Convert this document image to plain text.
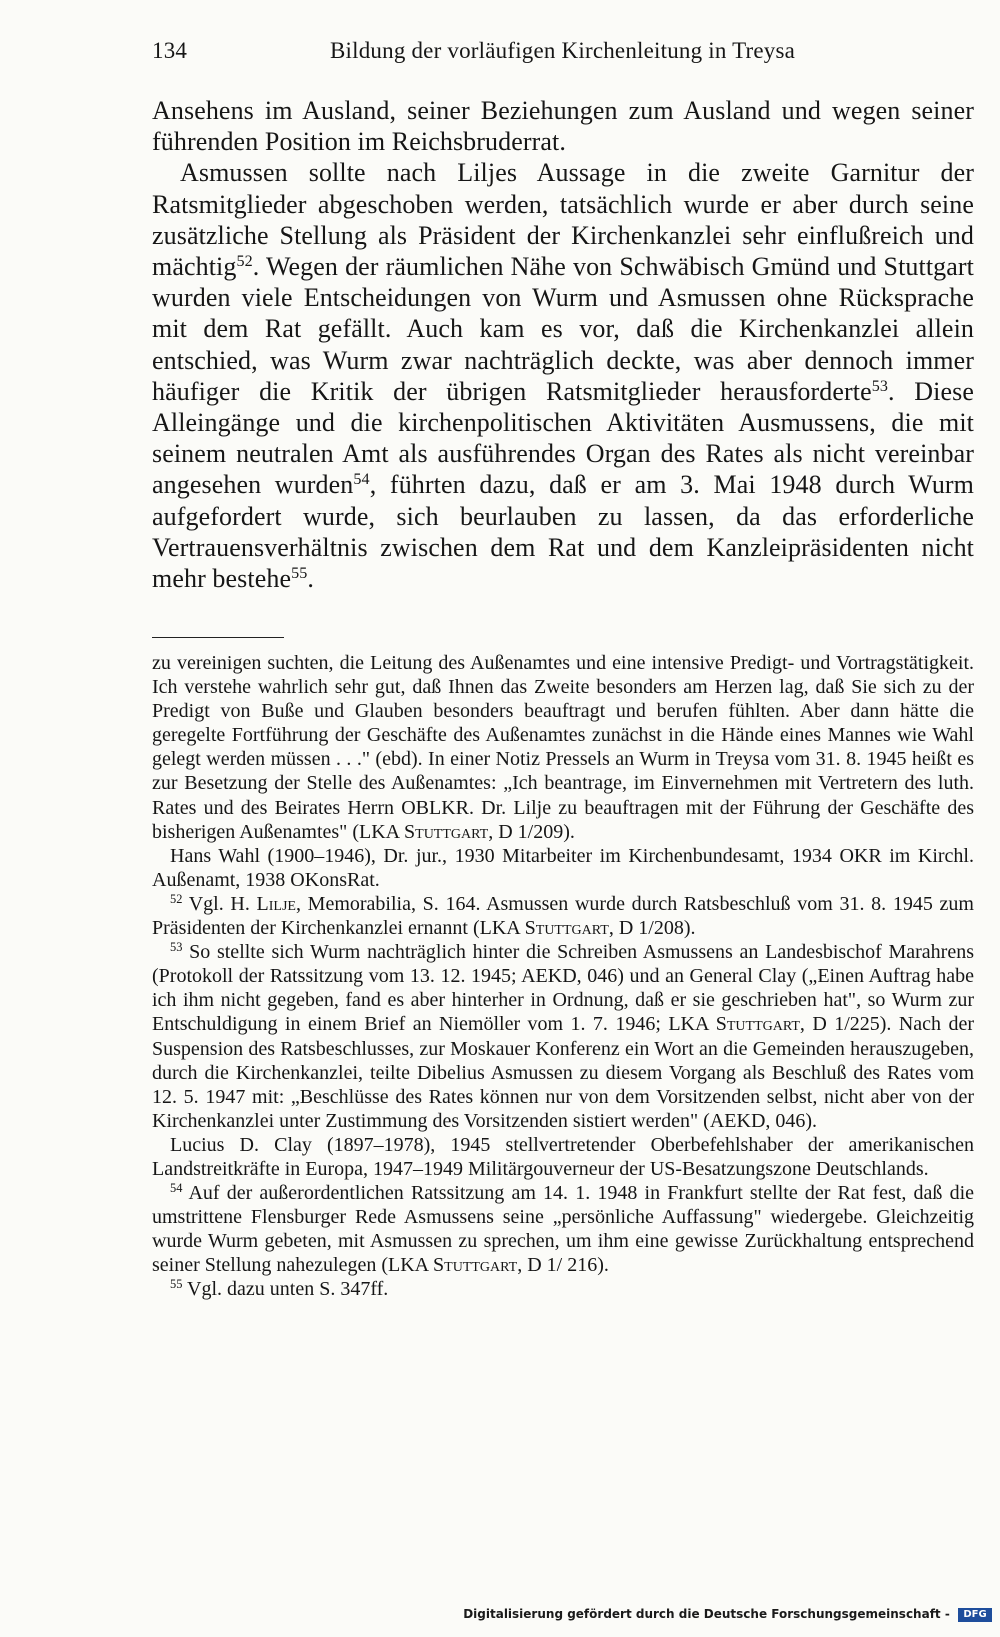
134	Bildung der vorläufigen Kirchenleitung in Treysa

Ansehens im Ausland, seiner Beziehungen zum Ausland und wegen seiner führenden Position im Reichsbruderrat.

Asmussen sollte nach Liljes Aussage in die zweite Garnitur der Ratsmitglieder abgeschoben werden, tatsächlich wurde er aber durch seine zusätzliche Stellung als Präsident der Kirchenkanzlei sehr einflußreich und mächtig$^{52}$. Wegen der räumlichen Nähe von Schwäbisch Gmünd und Stuttgart wurden viele Entscheidungen von Wurm und Asmussen ohne Rücksprache mit dem Rat gefällt. Auch kam es vor, daß die Kirchenkanzlei allein entschied, was Wurm zwar nachträglich deckte, was aber dennoch immer häufiger die Kritik der übrigen Ratsmitglieder herausforderte$^{53}$. Diese Alleingänge und die kirchenpolitischen Aktivitäten Ausmussens, die mit seinem neutralen Amt als ausführendes Organ des Rates als nicht vereinbar angesehen wurden$^{54}$, führten dazu, daß er am 3. Mai 1948 durch Wurm aufgefordert wurde, sich beurlauben zu lassen, da das erforderliche Vertrauensverhältnis zwischen dem Rat und dem Kanzleipräsidenten nicht mehr bestehe$^{55}$.

zu vereinigen suchten, die Leitung des Außenamtes und eine intensive Predigt- und Vortragstätigkeit. Ich verstehe wahrlich sehr gut, daß Ihnen das Zweite besonders am Herzen lag, daß Sie sich zu der Predigt von Buße und Glauben besonders beauftragt und berufen fühlten. Aber dann hätte die geregelte Fortführung der Geschäfte des Außenamtes zunächst in die Hände eines Mannes wie Wahl gelegt werden müssen . . ." (ebd). In einer Notiz Pressels an Wurm in Treysa vom 31. 8. 1945 heißt es zur Besetzung der Stelle des Außenamtes: „Ich beantrage, im Einvernehmen mit Vertretern des luth. Rates und des Beirates Herrn OBLKR. Dr. Lilje zu beauftragen mit der Führung der Geschäfte des bisherigen Außenamtes" (LKA Stuttgart, D 1/209).

Hans Wahl (1900–1946), Dr. jur., 1930 Mitarbeiter im Kirchenbundesamt, 1934 OKR im Kirchl. Außenamt, 1938 OKonsRat.

$^{52}$ Vgl. H. Lilje, Memorabilia, S. 164. Asmussen wurde durch Ratsbeschluß vom 31. 8. 1945 zum Präsidenten der Kirchenkanzlei ernannt (LKA Stuttgart, D 1/208).

$^{53}$ So stellte sich Wurm nachträglich hinter die Schreiben Asmussens an Landesbischof Marahrens (Protokoll der Ratssitzung vom 13. 12. 1945; AEKD, 046) und an General Clay („Einen Auftrag habe ich ihm nicht gegeben, fand es aber hinterher in Ordnung, daß er sie geschrieben hat", so Wurm zur Entschuldigung in einem Brief an Niemöller vom 1. 7. 1946; LKA Stuttgart, D 1/225). Nach der Suspension des Ratsbeschlusses, zur Moskauer Konferenz ein Wort an die Gemeinden herauszugeben, durch die Kirchenkanzlei, teilte Dibelius Asmussen zu diesem Vorgang als Beschluß des Rates vom 12. 5. 1947 mit: „Beschlüsse des Rates können nur von dem Vorsitzenden selbst, nicht aber von der Kirchenkanzlei unter Zustimmung des Vorsitzenden sistiert werden" (AEKD, 046).

Lucius D. Clay (1897–1978), 1945 stellvertretender Oberbefehlshaber der amerikanischen Landstreitkräfte in Europa, 1947–1949 Militärgouverneur der US-Besatzungszone Deutschlands.

$^{54}$ Auf der außerordentlichen Ratssitzung am 14. 1. 1948 in Frankfurt stellte der Rat fest, daß die umstrittene Flensburger Rede Asmussens seine „persönliche Auffassung" wiedergebe. Gleichzeitig wurde Wurm gebeten, mit Asmussen zu sprechen, um ihm eine gewisse Zurückhaltung entsprechend seiner Stellung nahezulegen (LKA Stuttgart, D 1/ 216).

$^{55}$ Vgl. dazu unten S. 347ff.

Digitalisierung gefördert durch die Deutsche Forschungsgemeinschaft - DFG
